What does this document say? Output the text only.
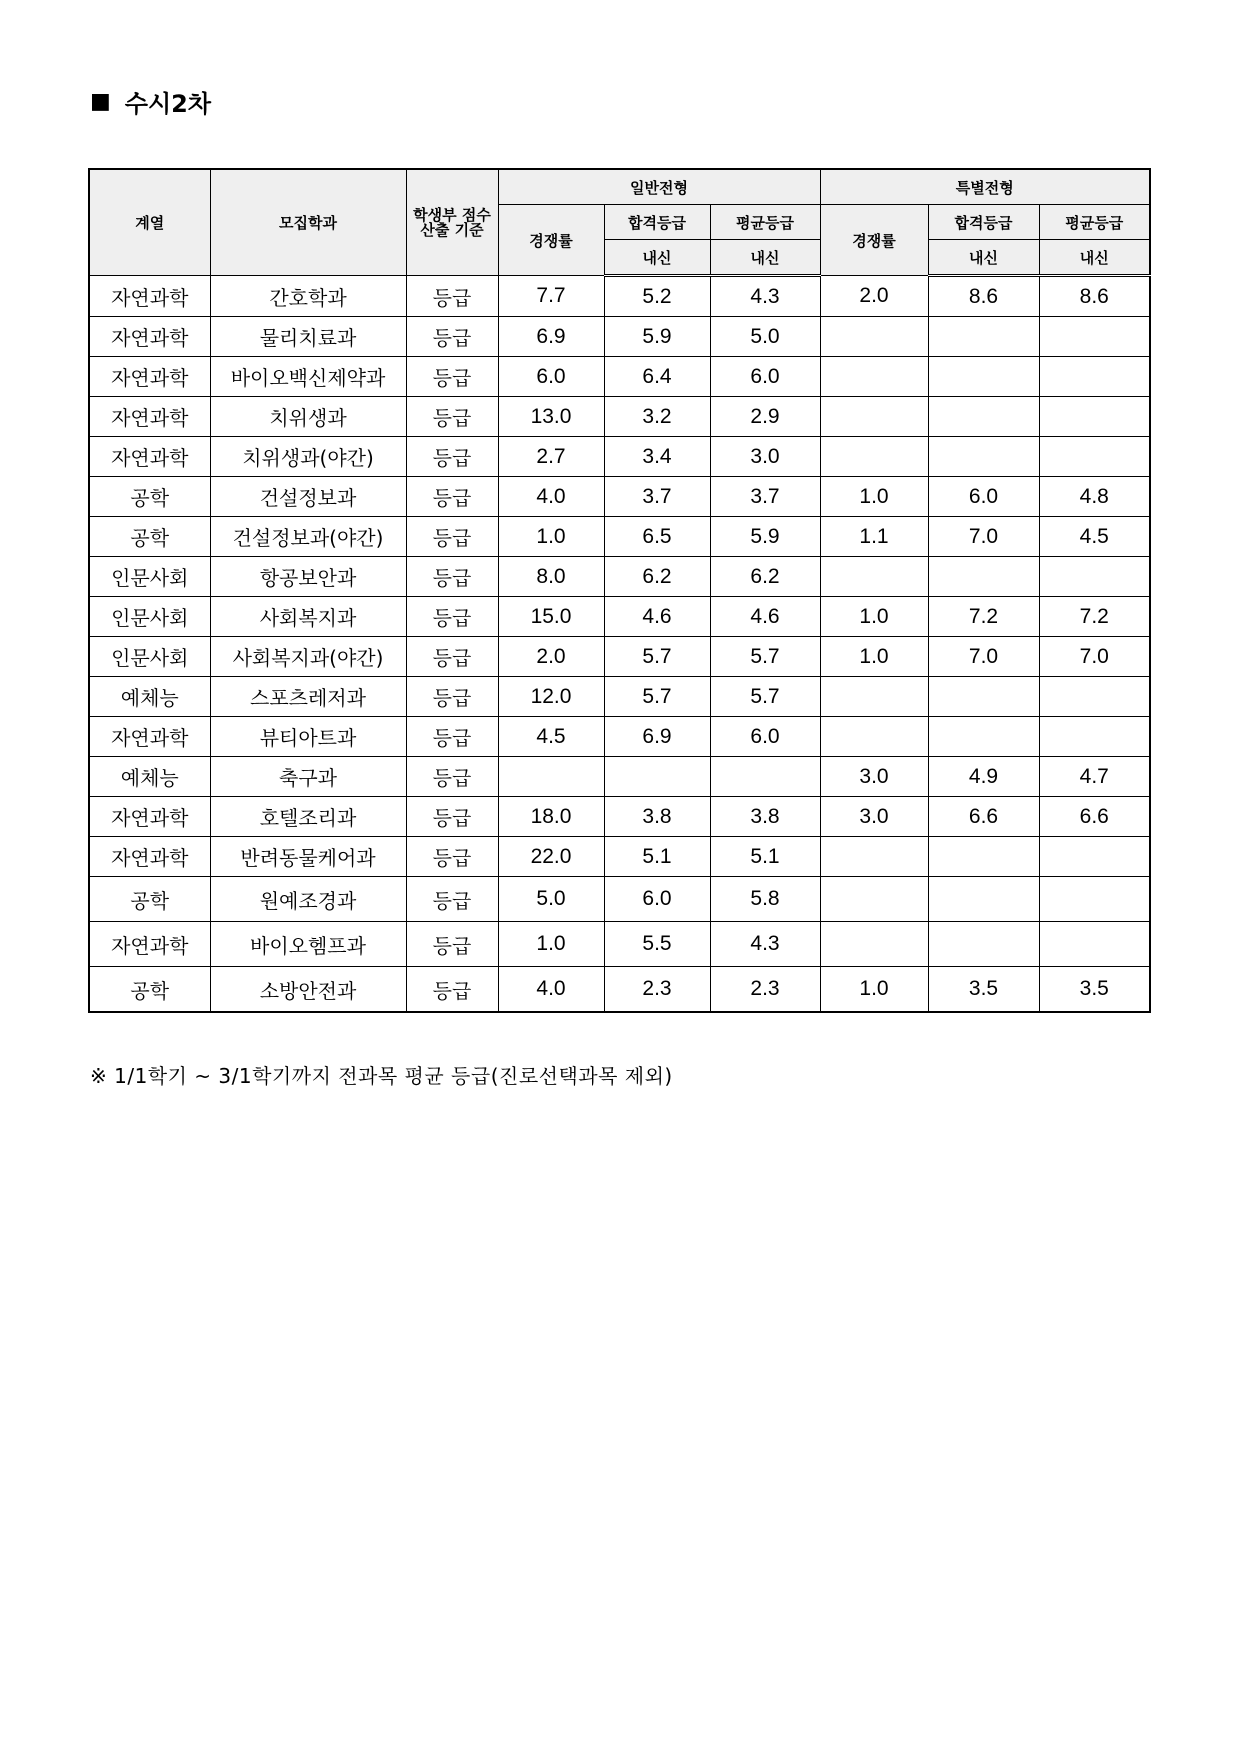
■ 수시2차
계열	모집학과	학생부 점수산출 기준	일반전형			특별전형		
			경쟁률	합격등급	평균등급	경쟁률	합격등급	평균등급
				내신	내신		내신	내신
자연과학	간호학과	등급	7.7	5.2	4.3	2.0	8.6	8.6
자연과학	물리치료과	등급	6.9	5.9	5.0			
자연과학	바이오백신제약과	등급	6.0	6.4	6.0			
자연과학	치위생과	등급	13.0	3.2	2.9			
자연과학	치위생과(야간)	등급	2.7	3.4	3.0			
공학	건설정보과	등급	4.0	3.7	3.7	1.0	6.0	4.8
공학	건설정보과(야간)	등급	1.0	6.5	5.9	1.1	7.0	4.5
인문사회	항공보안과	등급	8.0	6.2	6.2			
인문사회	사회복지과	등급	15.0	4.6	4.6	1.0	7.2	7.2
인문사회	사회복지과(야간)	등급	2.0	5.7	5.7	1.0	7.0	7.0
예체능	스포츠레저과	등급	12.0	5.7	5.7			
자연과학	뷰티아트과	등급	4.5	6.9	6.0			
예체능	축구과	등급				3.0	4.9	4.7
자연과학	호텔조리과	등급	18.0	3.8	3.8	3.0	6.6	6.6
자연과학	반려동물케어과	등급	22.0	5.1	5.1			
공학	원예조경과	등급	5.0	6.0	5.8			
자연과학	바이오헴프과	등급	1.0	5.5	4.3			
공학	소방안전과	등급	4.0	2.3	2.3	1.0	3.5	3.5
※ 1/1학기 ~ 3/1학기까지 전과목 평균 등급(진로선택과목 제외)
